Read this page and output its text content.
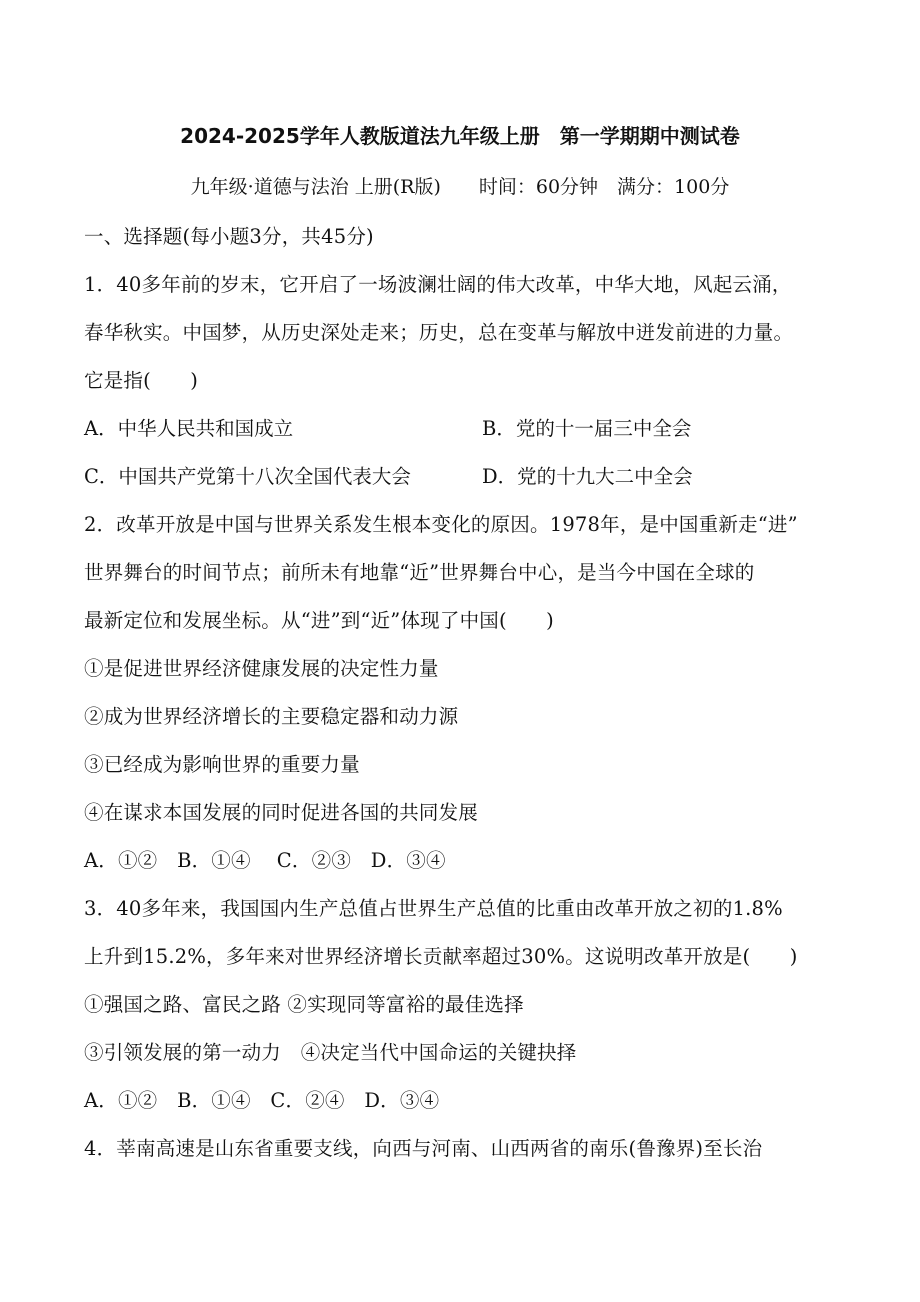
2024-2025学年人教版道法九年级上册　第一学期期中测试卷
九年级·道德与法治 上册(R版)　　时间：60分钟　满分：100分
一、选择题(每小题3分，共45分)
1．40多年前的岁末，它开启了一场波澜壮阔的伟大改革，中华大地，风起云涌，
春华秋实。中国梦，从历史深处走来；历史，总在变革与解放中迸发前进的力量。
它是指(　　)
A．中华人民共和国成立	B．党的十一届三中全会
C．中国共产党第十八次全国代表大会	D．党的十九大二中全会
2．改革开放是中国与世界关系发生根本变化的原因。1978年，是中国重新走“进”
世界舞台的时间节点；前所未有地靠“近”世界舞台中心，是当今中国在全球的
最新定位和发展坐标。从“进”到“近”体现了中国(　　)
①是促进世界经济健康发展的决定性力量
②成为世界经济增长的主要稳定器和动力源
③已经成为影响世界的重要力量
④在谋求本国发展的同时促进各国的共同发展
A．①②　B．①④　 C．②③　D．③④
3．40多年来，我国国内生产总值占世界生产总值的比重由改革开放之初的1.8%
上升到15.2%，多年来对世界经济增长贡献率超过30%。这说明改革开放是(　　)
①强国之路、富民之路 ②实现同等富裕的最佳选择
③引领发展的第一动力　④决定当代中国命运的关键抉择
A．①②　B．①④　C．②④　D．③④
4．莘南高速是山东省重要支线，向西与河南、山西两省的南乐(鲁豫界)至长治
